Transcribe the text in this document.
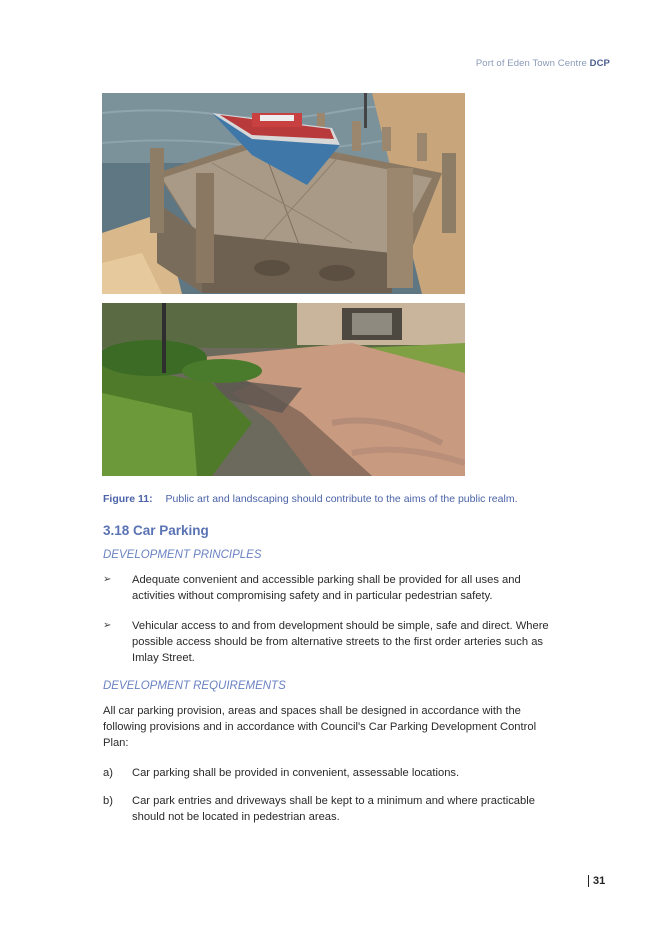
Port of Eden Town Centre DCP
Figure 11: Public art and landscaping should contribute to the aims of the public realm.
3.18 Car Parking
DEVELOPMENT PRINCIPLES
➢ Adequate convenient and accessible parking shall be provided for all uses and activities without compromising safety and in particular pedestrian safety.
➢ Vehicular access to and from development should be simple, safe and direct. Where possible access should be from alternative streets to the first order arteries such as Imlay Street.
DEVELOPMENT REQUIREMENTS
All car parking provision, areas and spaces shall be designed in accordance with the following provisions and in accordance with Council's Car Parking Development Control Plan:
a) Car parking shall be provided in convenient, assessable locations.
b) Car park entries and driveways shall be kept to a minimum and where practicable should not be located in pedestrian areas.
31
